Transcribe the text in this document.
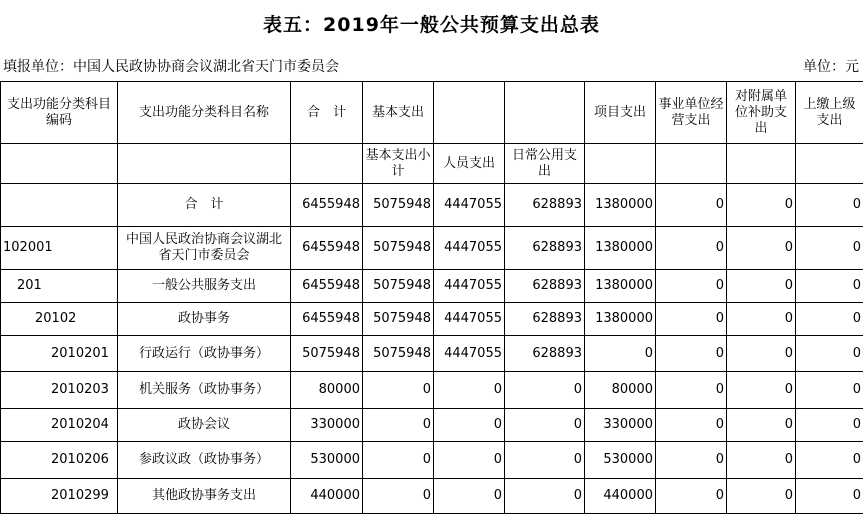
表五：2019年一般公共预算支出总表
填报单位：中国人民政协协商会议湖北省天门市委员会	单位：元
支出功能分类科目编码	支出功能分类科目名称	合　计	基本支出			项目支出	事业单位经营支出	对附属单位补助支出	上缴上级支出
			基本支出小计	人员支出	日常公用支出				
	合　计	6455948	5075948	4447055	628893	1380000	0	0	0
102001	中国人民政治协商会议湖北省天门市委员会	6455948	5075948	4447055	628893	1380000	0	0	0
201	一般公共服务支出	6455948	5075948	4447055	628893	1380000	0	0	0
20102	政协事务	6455948	5075948	4447055	628893	1380000	0	0	0
2010201	行政运行（政协事务）	5075948	5075948	4447055	628893	0	0	0	0
2010203	机关服务（政协事务）	80000	0	0	0	80000	0	0	0
2010204	政协会议	330000	0	0	0	330000	0	0	0
2010206	参政议政（政协事务）	530000	0	0	0	530000	0	0	0
2010299	其他政协事务支出	440000	0	0	0	440000	0	0	0
